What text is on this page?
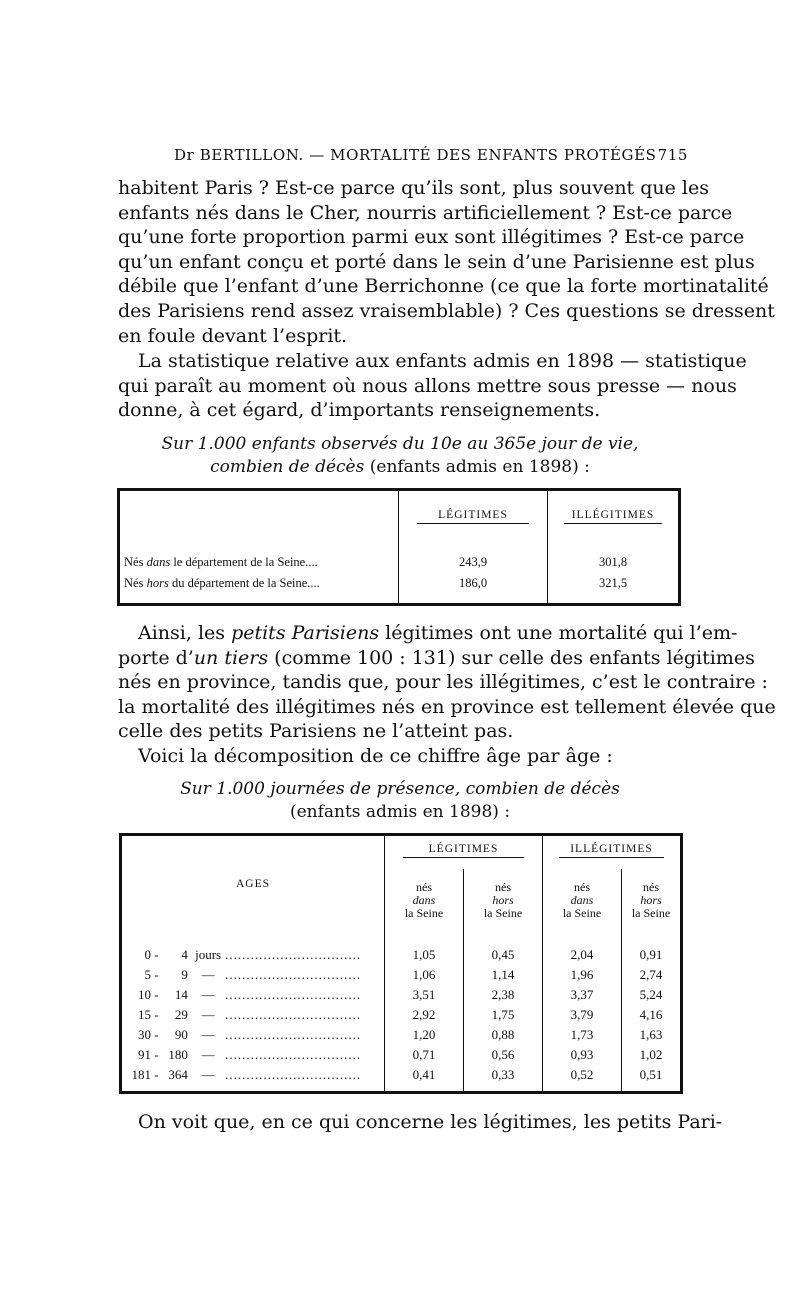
Dr BERTILLON. — MORTALITÉ DES ENFANTS PROTÉGÉS 715
habitent Paris ? Est-ce parce qu’ils sont, plus souvent que les
enfants nés dans le Cher, nourris artificiellement ? Est-ce parce
qu’une forte proportion parmi eux sont illégitimes ? Est-ce parce
qu’un enfant conçu et porté dans le sein d’une Parisienne est plus
débile que l’enfant d’une Berrichonne (ce que la forte mortinatalité
des Parisiens rend assez vraisemblable) ? Ces questions se dressent
en foule devant l’esprit.
La statistique relative aux enfants admis en 1898 — statistique
qui paraît au moment où nous allons mettre sous presse — nous
donne, à cet égard, d’importants renseignements.
Sur 1.000 enfants observés du 10e au 365e jour de vie,
combien de décès (enfants admis en 1898) :
	LÉGITIMES	ILLÉGITIMES

Nés dans le département de la Seine....	243,9	301,8
Nés hors du département de la Seine....	186,0	321,5

Ainsi, les petits Parisiens légitimes ont une mortalité qui l’em-
porte d’un tiers (comme 100 : 131) sur celle des enfants légitimes
nés en province, tandis que, pour les illégitimes, c’est le contraire :
la mortalité des illégitimes nés en province est tellement élevée que
celle des petits Parisiens ne l’atteint pas.
Voici la décomposition de ce chiffre âge par âge :
Sur 1.000 journées de présence, combien de décès
(enfants admis en 1898) :
AGES	LÉGITIMES		ILLÉGITIMES	

	nés
dans
la Seine	nés
hors
la Seine	nés
dans
la Seine	nés
hors
la Seine

0 - 4 jours ................................	1,05	0,45	2,04	0,91
5 - 9 — ................................	1,06	1,14	1,96	2,74
10 - 14 — ................................	3,51	2,38	3,37	5,24
15 - 29 — ................................	2,92	1,75	3,79	4,16
30 - 90 — ................................	1,20	0,88	1,73	1,63
91 - 180 — ................................	0,71	0,56	0,93	1,02
181 - 364 — ................................	0,41	0,33	0,52	0,51

On voit que, en ce qui concerne les légitimes, les petits Pari-
